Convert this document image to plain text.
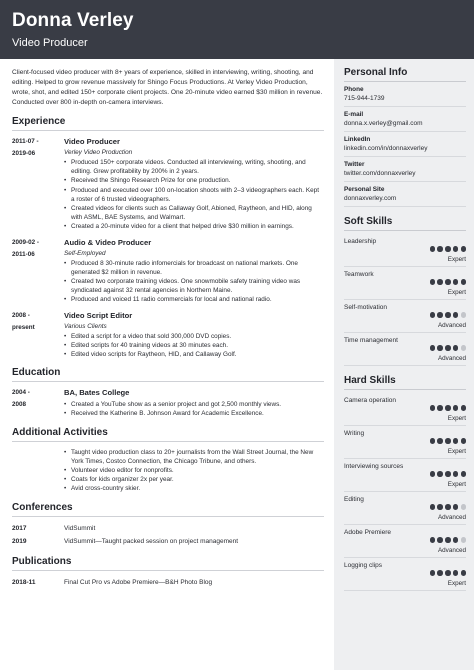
Donna Verley
Video Producer

Client-focused video producer with 8+ years of experience, skilled in interviewing, writing, shooting, and editing. Helped to grow revenue massively for Shingo Focus Productions. At Verley Video Production, wrote, shot, and edited 150+ corporate client projects. One 20-minute video earned $30 million in revenue. Conducted over 800 in-depth on-camera interviews.

Experience
2011-07 -
2019-06
Video Producer
Verley Video Production
• Produced 150+ corporate videos. Conducted all interviewing, writing, shooting, and editing. Grew profitability by 200% in 2 years.
• Received the Shingo Research Prize for one production.
• Produced and executed over 100 on-location shoots with 2–3 videographers each. Kept a roster of 6 trusted videographers.
• Created videos for clients such as Callaway Golf, Abioned, Raytheon, and HID, along with ASML, BAE Systems, and Walmart.
• Created a 20-minute video for a client that helped drive $30 million in earnings.
2009-02 -
2011-06
Audio & Video Producer
Self-Employed
• Produced 8 30-minute radio infomercials for broadcast on national markets. One generated $2 million in revenue.
• Created two corporate training videos. One snowmobile safety training video was syndicated against 32 rental agencies in Northern Maine.
• Produced and voiced 11 radio commercials for local and national radio.
2008 -
present
Video Script Editor
Various Clients
• Edited a script for a video that sold 300,000 DVD copies.
• Edited scripts for 40 training videos at 30 minutes each.
• Edited video scripts for Raytheon, HID, and Callaway Golf.
Education
2004 -
2008
BA, Bates College
• Created a YouTube show as a senior project and got 2,500 monthly views.
• Received the Katherine B. Johnson Award for Academic Excellence.
Additional Activities
• Taught video production class to 20+ journalists from the Wall Street Journal, the New York Times, Costco Connection, the Chicago Tribune, and others.
• Volunteer video editor for nonprofits.
• Coats for kids organizer 2x per year.
• Avid cross-country skier.
Conferences
2017	VidSummit
2019	VidSummit—Taught packed session on project management
Publications
2018-11	Final Cut Pro vs Adobe Premiere—B&H Photo Blog
Personal Info
Phone
715-944-1739
E-mail
donna.x.verley@gmail.com
LinkedIn
linkedin.com/in/donnaxverley
Twitter
twitter.com/donnaxverley
Personal Site
donnaxverley.com
Soft Skills
Leadership
Expert
Teamwork
Expert
Self-motivation
Advanced
Time management
Advanced
Hard Skills
Camera operation
Expert
Writing
Expert
Interviewing sources
Expert
Editing
Advanced
Adobe Premiere
Advanced
Logging clips
Expert
